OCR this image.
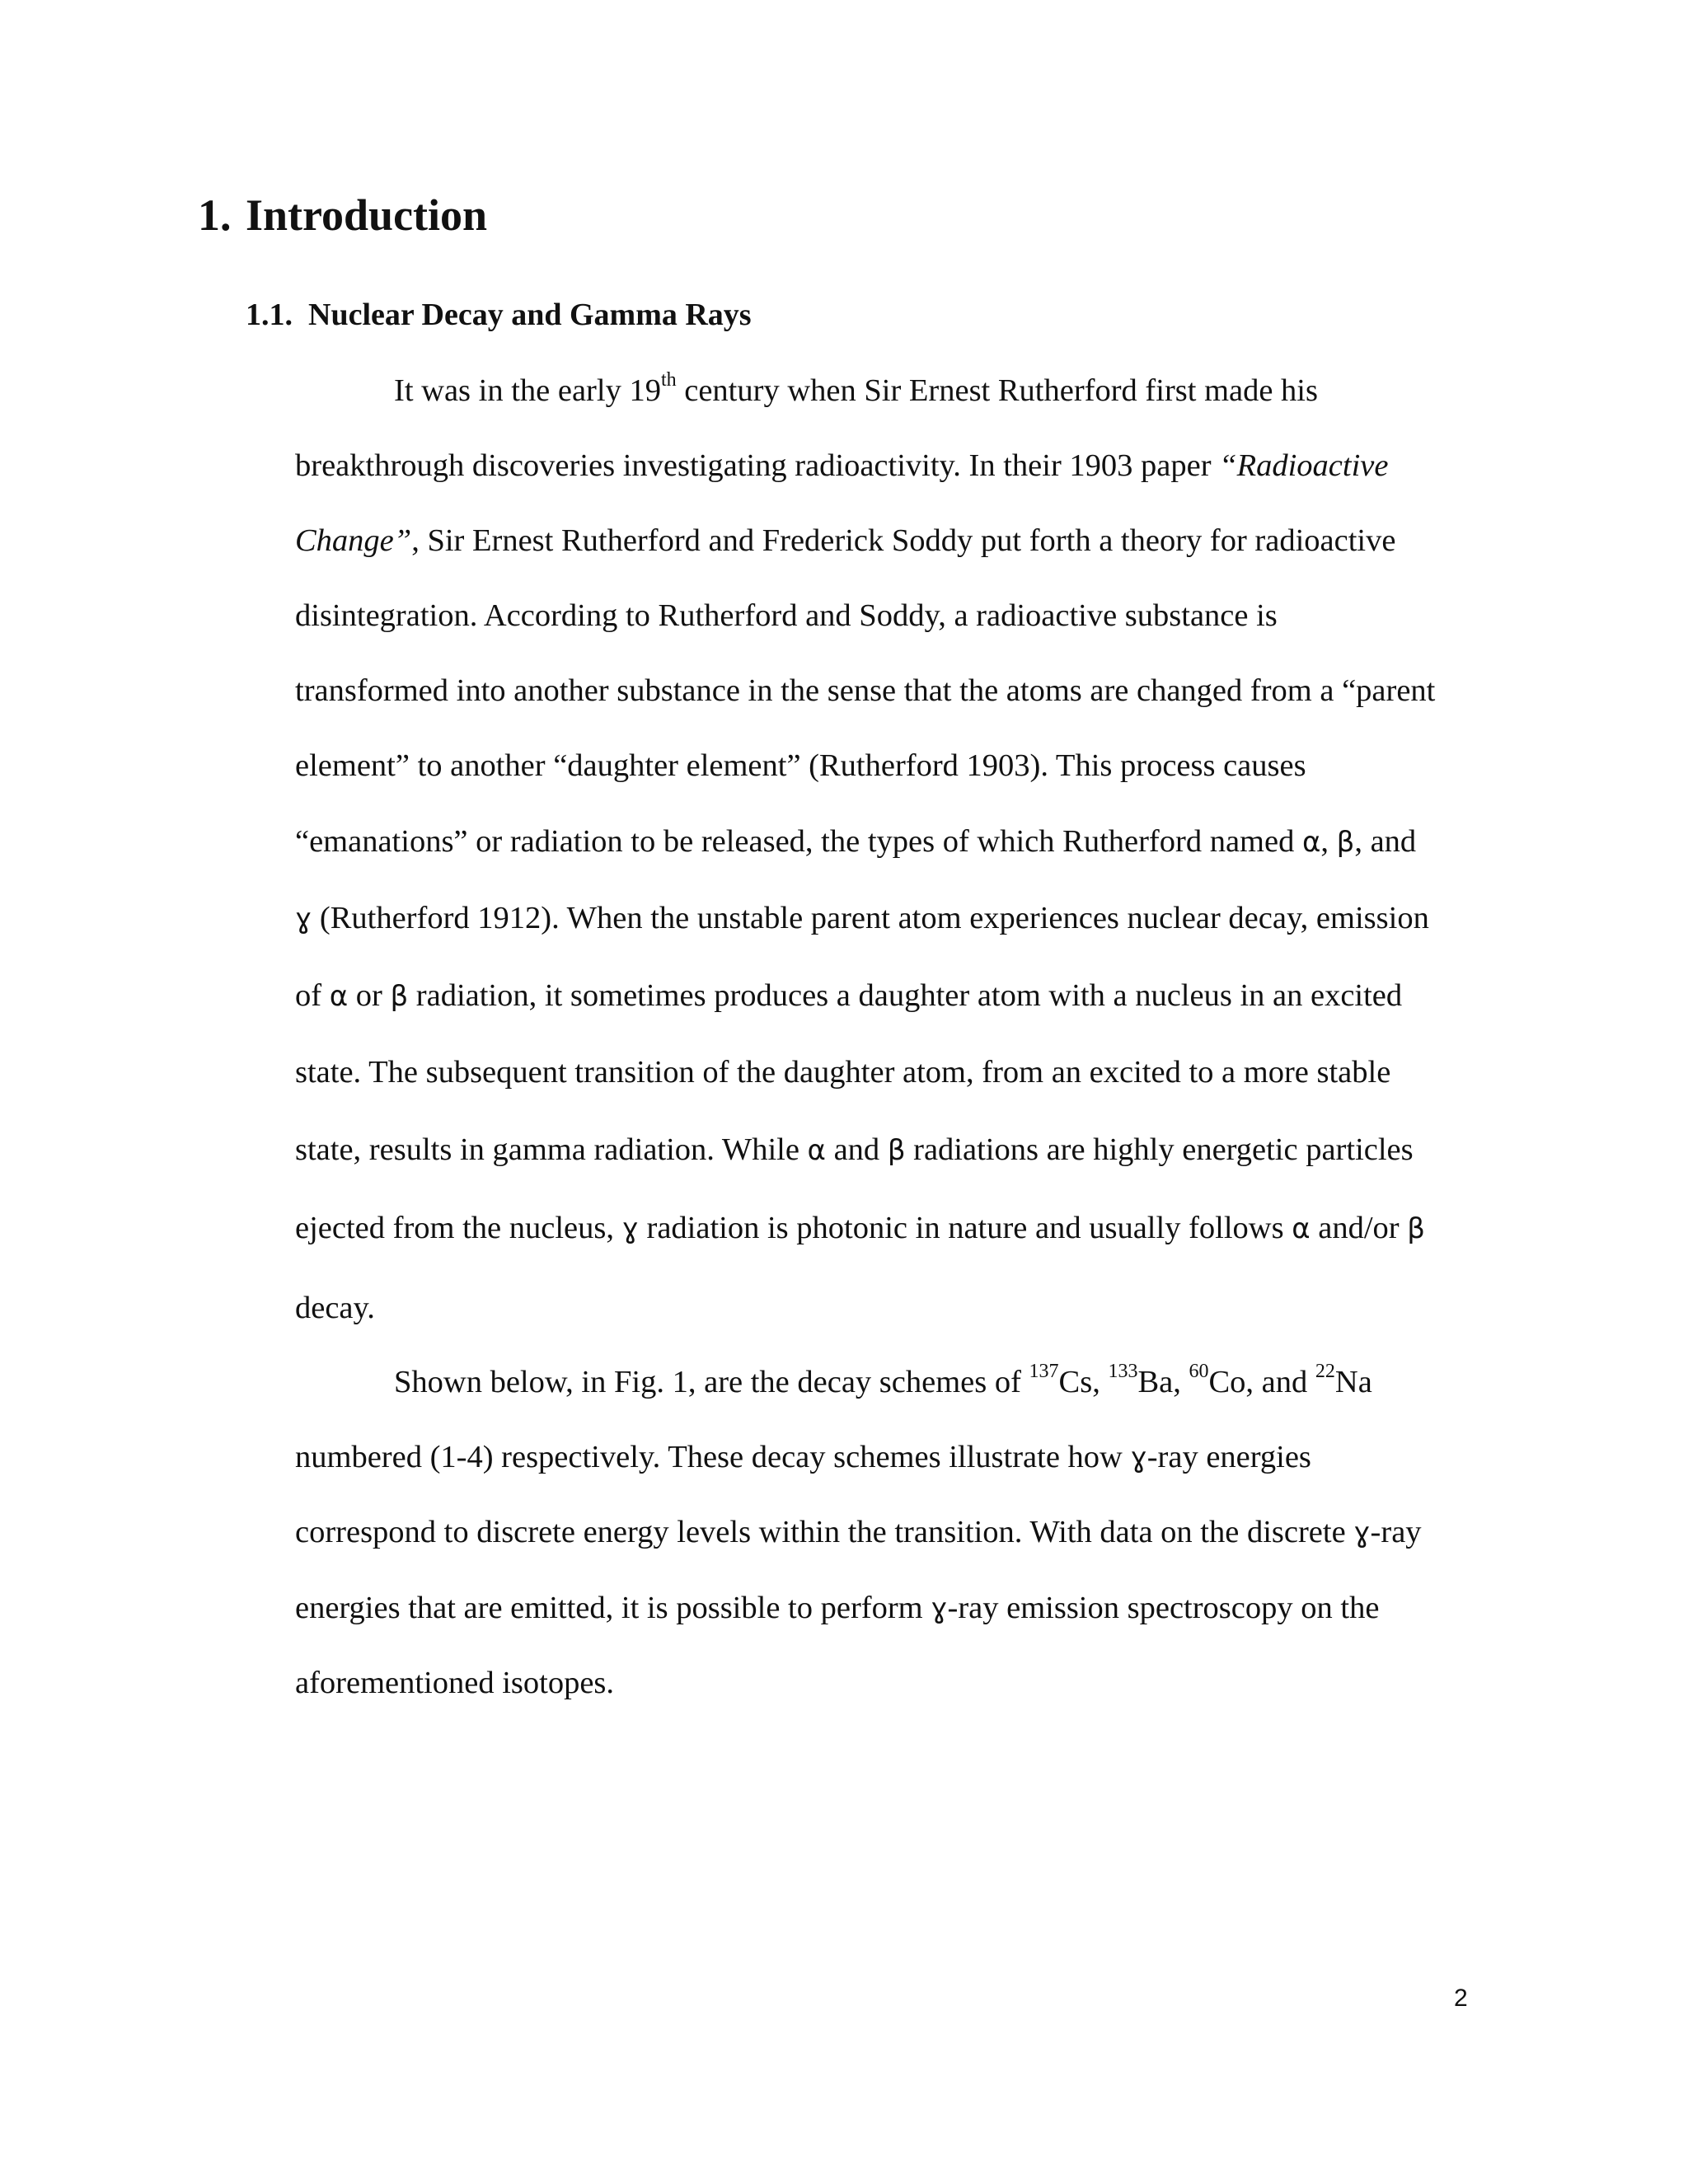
1. Introduction
1.1. Nuclear Decay and Gamma Rays

It was in the early 19th century when Sir Ernest Rutherford first made his

breakthrough discoveries investigating radioactivity. In their 1903 paper “Radioactive

Change”, Sir Ernest Rutherford and Frederick Soddy put forth a theory for radioactive

disintegration. According to Rutherford and Soddy, a radioactive substance is

transformed into another substance in the sense that the atoms are changed from a “parent

element” to another “daughter element” (Rutherford 1903). This process causes

“emanations” or radiation to be released, the types of which Rutherford named α, β, and

ɣ (Rutherford 1912). When the unstable parent atom experiences nuclear decay, emission

of α or β radiation, it sometimes produces a daughter atom with a nucleus in an excited

state. The subsequent transition of the daughter atom, from an excited to a more stable

state, results in gamma radiation. While α and β radiations are highly energetic particles

ejected from the nucleus, ɣ radiation is photonic in nature and usually follows α and/or β

decay.

Shown below, in Fig. 1, are the decay schemes of $^{137}$Cs, $^{133}$Ba, $^{60}$Co, and $^{22}$Na

numbered (1-4) respectively. These decay schemes illustrate how ɣ-ray energies

correspond to discrete energy levels within the transition. With data on the discrete ɣ-ray

energies that are emitted, it is possible to perform ɣ-ray emission spectroscopy on the

aforementioned isotopes.

2
